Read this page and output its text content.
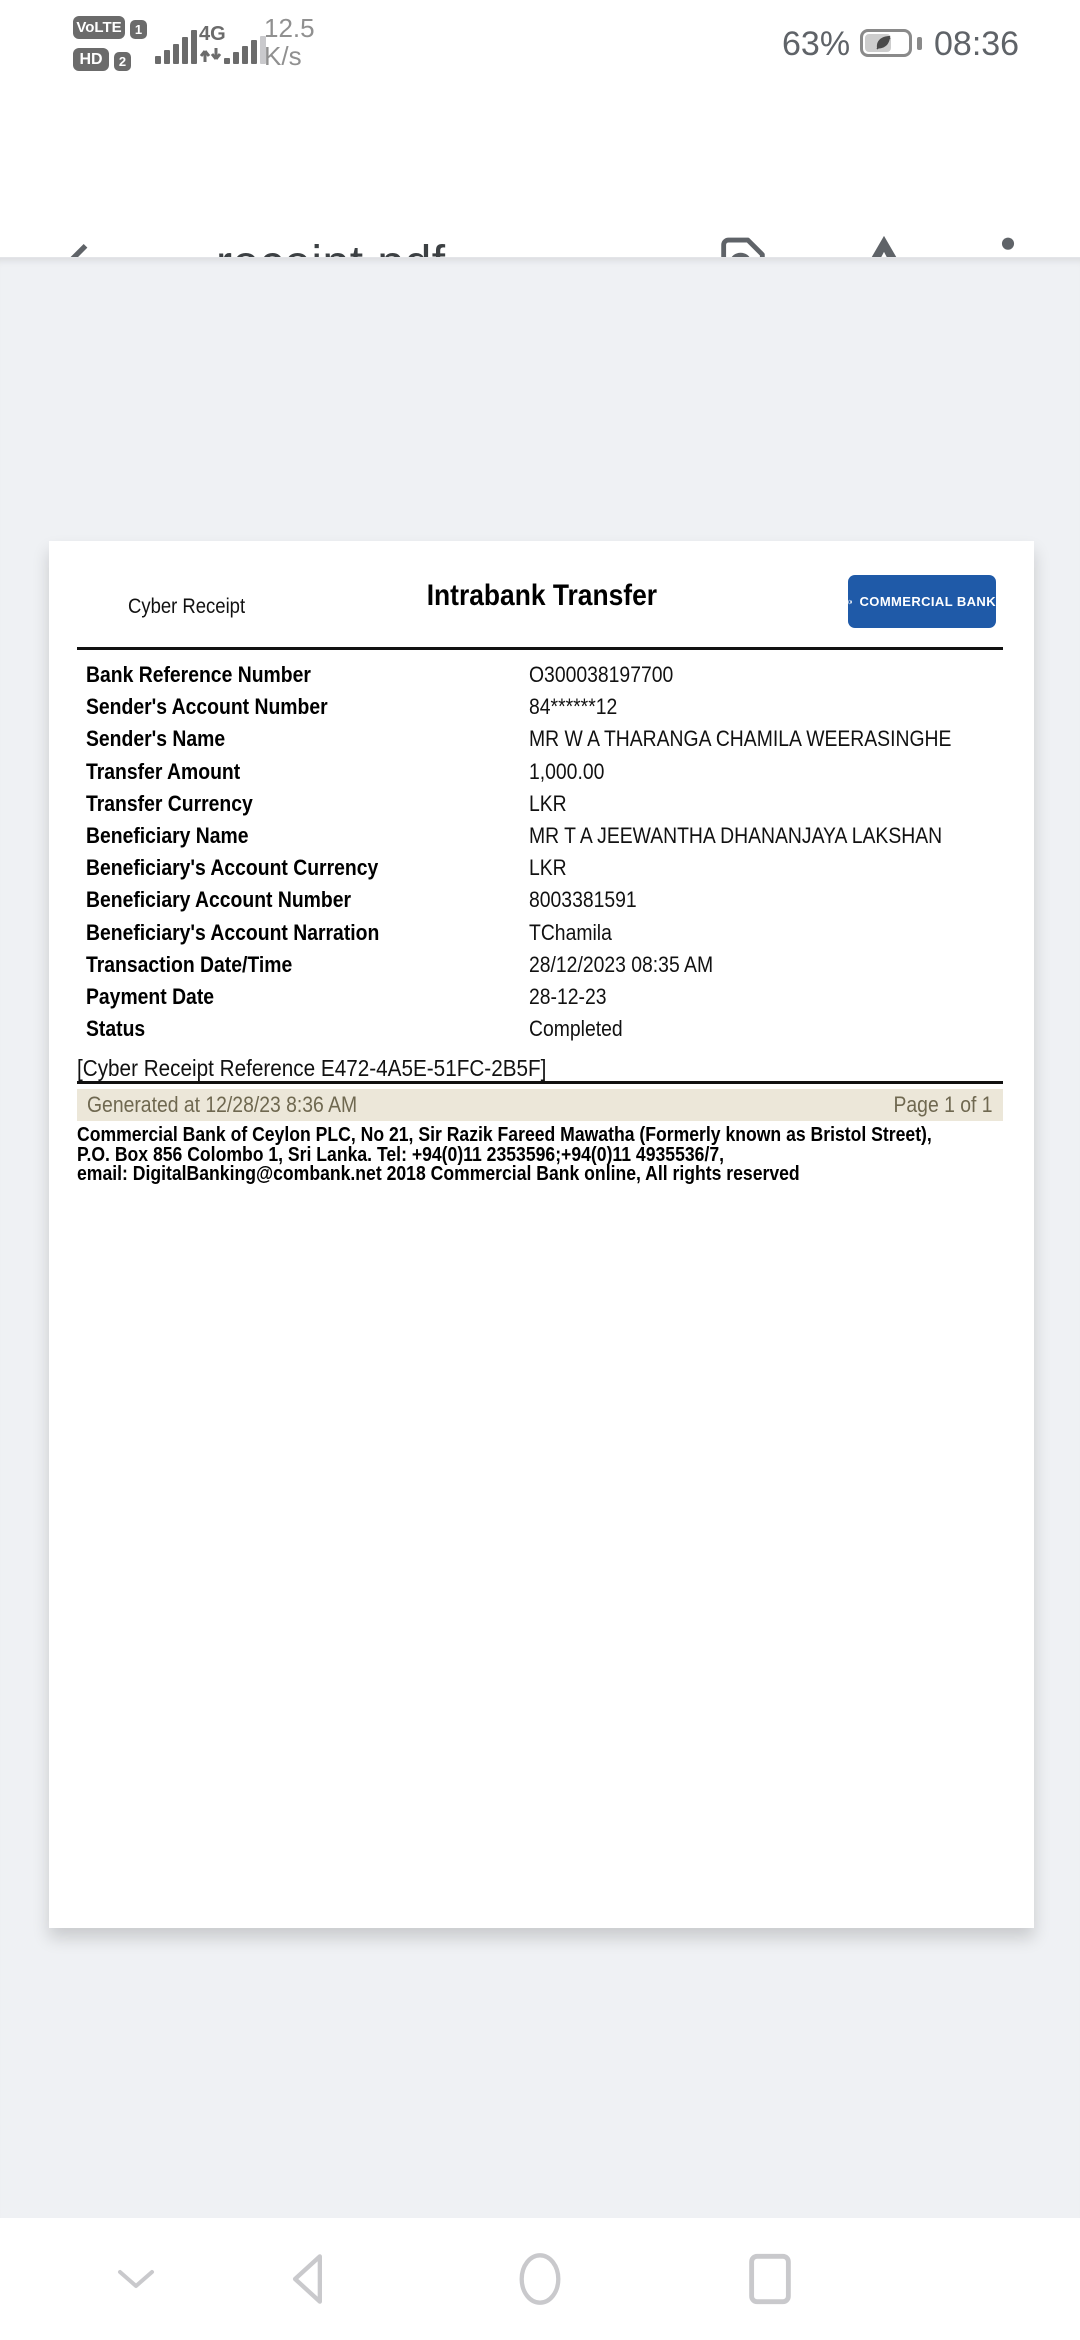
VoLTE	1
HD	2
4G 12.5
K/s	63% 08:36
Cyber Receipt	Intrabank Transfer	COMMERCIAL BANK
Bank Reference Number	O300038197700
Sender's Account Number	84******12
Sender's Name	MR W A THARANGA CHAMILA WEERASINGHE
Transfer Amount	1,000.00
Transfer Currency	LKR
Beneficiary Name	MR T A JEEWANTHA DHANANJAYA LAKSHAN
Beneficiary's Account Currency	LKR
Beneficiary Account Number	8003381591
Beneficiary's Account Narration	TChamila
Transaction Date/Time	28/12/2023 08:35 AM
Payment Date	28-12-23
Status	Completed
[Cyber Receipt Reference E472-4A5E-51FC-2B5F]
Generated at 12/28/23 8:36 AM	Page 1 of 1
Commercial Bank of Ceylon PLC, No 21, Sir Razik Fareed Mawatha (Formerly known as Bristol Street),
P.O. Box 856 Colombo 1, Sri Lanka. Tel: +94(0)11 2353596;+94(0)11 4935536/7,
email: DigitalBanking@combank.net 2018 Commercial Bank online, All rights reserved
